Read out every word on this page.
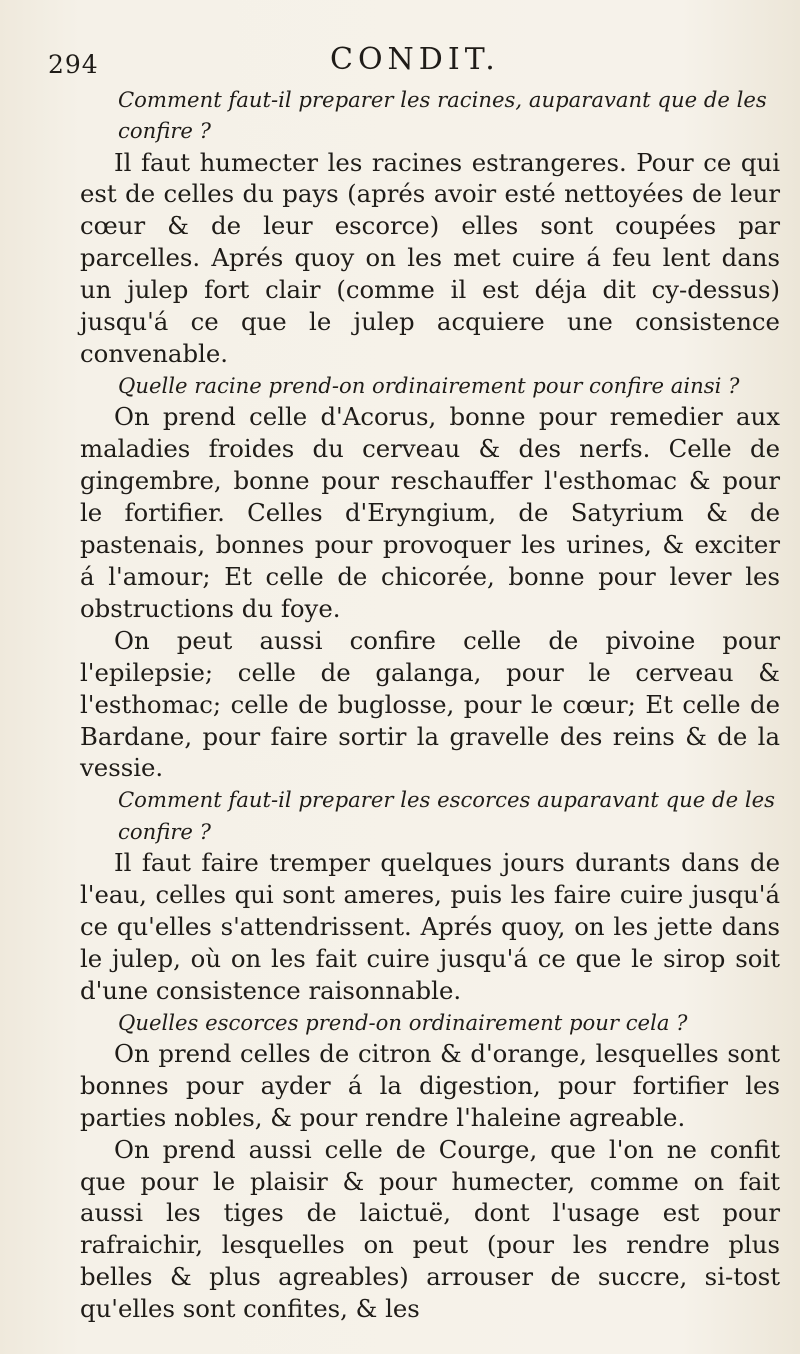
294	CONDIT.

Comment faut-il preparer les racines, auparavant que de les confire ?

Il faut humecter les racines estrangeres. Pour ce qui est de celles du pays (aprés avoir esté nettoyées de leur cœur & de leur escorce) elles sont coupées par parcelles. Aprés quoy on les met cuire á feu lent dans un julep fort clair (comme il est déja dit cy-dessus) jusqu'á ce que le julep acquiere une consistence convenable.

Quelle racine prend-on ordinairement pour confire ainsi ?

On prend celle d'Acorus, bonne pour remedier aux maladies froides du cerveau & des nerfs. Celle de gingembre, bonne pour reschauffer l'esthomac & pour le fortifier. Celles d'Eryngium, de Satyrium & de pastenais, bonnes pour provoquer les urines, & exciter á l'amour; Et celle de chicorée, bonne pour lever les obstructions du foye.

On peut aussi confire celle de pivoine pour l'epilepsie; celle de galanga, pour le cerveau & l'esthomac; celle de buglosse, pour le cœur; Et celle de Bardane, pour faire sortir la gravelle des reins & de la vessie.

Comment faut-il preparer les escorces auparavant que de les confire ?

Il faut faire tremper quelques jours durants dans de l'eau, celles qui sont ameres, puis les faire cuire jusqu'á ce qu'elles s'attendrissent. Aprés quoy, on les jette dans le julep, où on les fait cuire jusqu'á ce que le sirop soit d'une consistence raisonnable.

Quelles escorces prend-on ordinairement pour cela ?

On prend celles de citron & d'orange, lesquelles sont bonnes pour ayder á la digestion, pour fortifier les parties nobles, & pour rendre l'haleine agreable.

On prend aussi celle de Courge, que l'on ne confit que pour le plaisir & pour humecter, comme on fait aussi les tiges de laictuë, dont l'usage est pour rafraichir, lesquelles on peut (pour les rendre plus belles & plus agreables) arrouser de succre, si-tost qu'elles sont confites, & les
